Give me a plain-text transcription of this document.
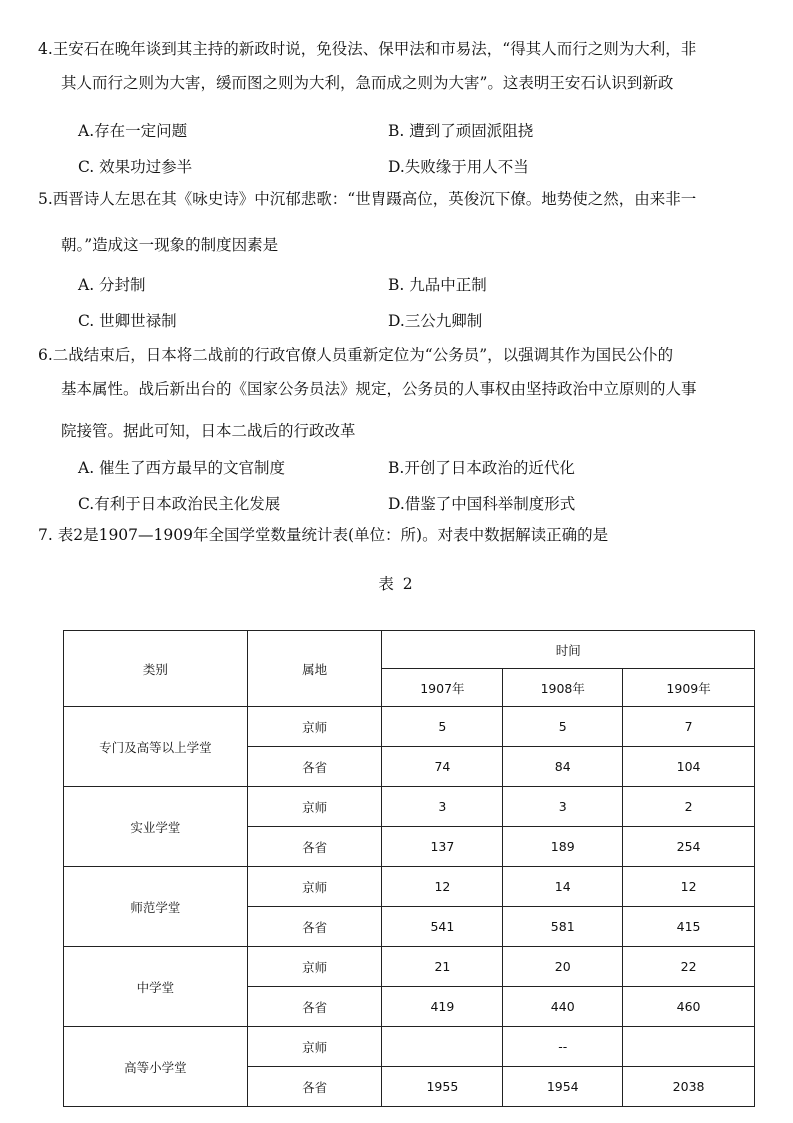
4.王安石在晚年谈到其主持的新政时说，免役法、保甲法和市易法，“得其人而行之则为大利，非

其人而行之则为大害，缓而图之则为大利，急而成之则为大害”。这表明王安石认识到新政

A.存在一定问题	B. 遭到了顽固派阻挠
C. 效果功过参半	D.失败缘于用人不当

5.西晋诗人左思在其《咏史诗》中沉郁悲歌：“世胄蹑高位，英俊沉下僚。地势使之然，由来非一

朝。”造成这一现象的制度因素是

A. 分封制	B. 九品中正制
C. 世卿世禄制	D.三公九卿制

6.二战结束后，日本将二战前的行政官僚人员重新定位为“公务员”，以强调其作为国民公仆的

基本属性。战后新出台的《国家公务员法》规定，公务员的人事权由坚持政治中立原则的人事

院接管。据此可知，日本二战后的行政改革

A. 催生了西方最早的文官制度	B.开创了日本政治的近代化
C.有利于日本政治民主化发展	D.借鉴了中国科举制度形式

7. 表2是1907—1909年全国学堂数量统计表(单位：所)。对表中数据解读正确的是

表 2
类别	属地	时间		
		1907年	1908年	1909年
专门及高等以上学堂	京师	5	5	7
	各省	74	84	104
实业学堂	京师	3	3	2
	各省	137	189	254
师范学堂	京师	12	14	12
	各省	541	581	415
中学堂	京师	21	20	22
	各省	419	440	460
高等小学堂	京师		--	
	各省	1955	1954	2038
